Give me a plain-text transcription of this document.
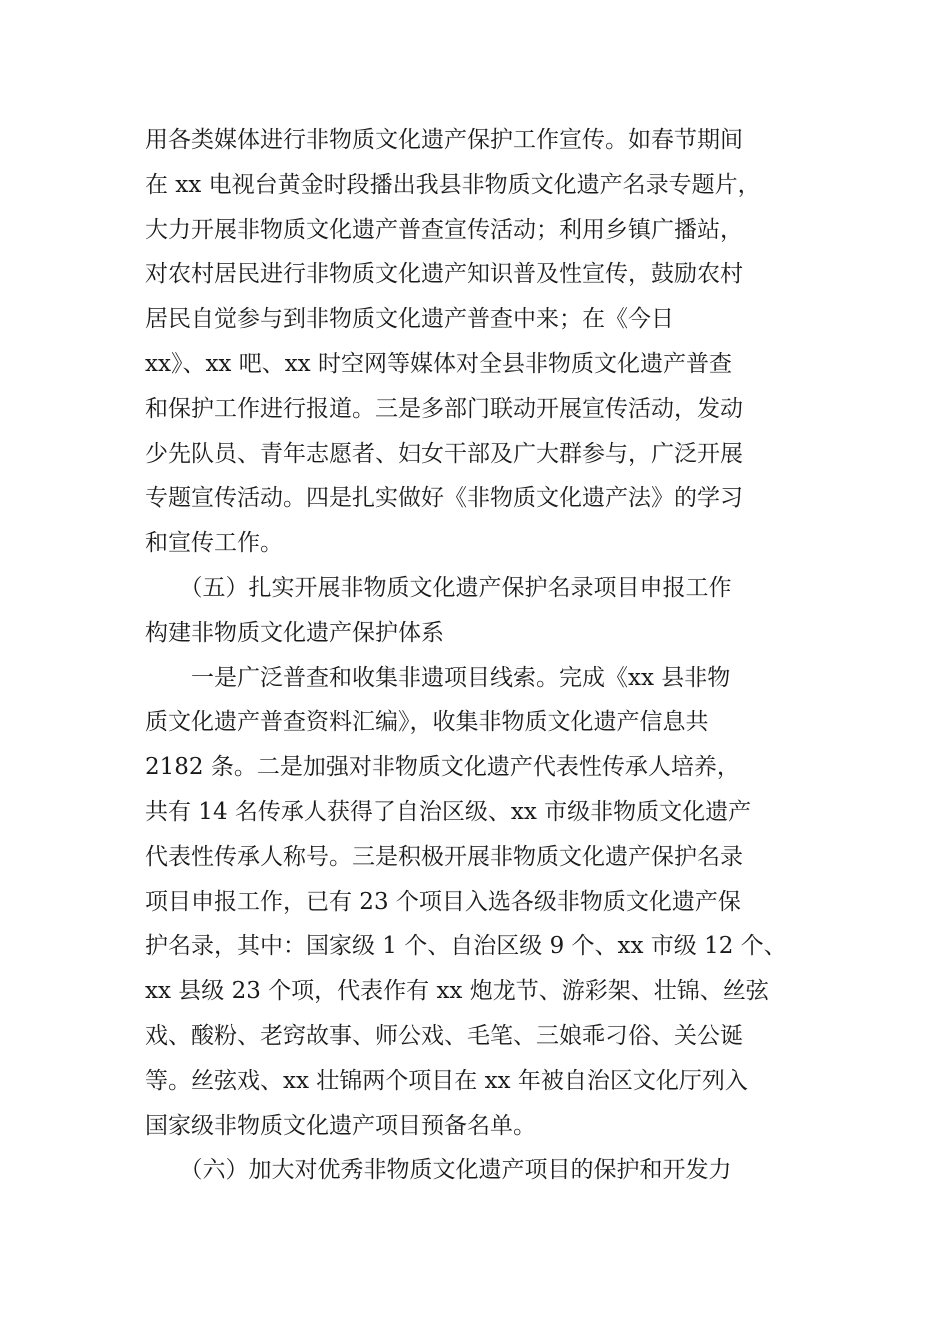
用各类媒体进行非物质文化遗产保护工作宣传。如春节期间
在 xx 电视台黄金时段播出我县非物质文化遗产名录专题片，
大力开展非物质文化遗产普查宣传活动；利用乡镇广播站，
对农村居民进行非物质文化遗产知识普及性宣传，鼓励农村
居民自觉参与到非物质文化遗产普查中来；在《今日
xx》、xx 吧、xx 时空网等媒体对全县非物质文化遗产普查
和保护工作进行报道。三是多部门联动开展宣传活动，发动
少先队员、青年志愿者、妇女干部及广大群参与，广泛开展
专题宣传活动。四是扎实做好《非物质文化遗产法》的学习
和宣传工作。
　　（五）扎实开展非物质文化遗产保护名录项目申报工作
构建非物质文化遗产保护体系
　　一是广泛普查和收集非遗项目线索。完成《xx 县非物
质文化遗产普查资料汇编》，收集非物质文化遗产信息共
2182 条。二是加强对非物质文化遗产代表性传承人培养，
共有 14 名传承人获得了自治区级、xx 市级非物质文化遗产
代表性传承人称号。三是积极开展非物质文化遗产保护名录
项目申报工作，已有 23 个项目入选各级非物质文化遗产保
护名录，其中：国家级 1 个、自治区级 9 个、xx 市级 12 个、
xx 县级 23 个项，代表作有 xx 炮龙节、游彩架、壮锦、丝弦
戏、酸粉、老窍故事、师公戏、毛笔、三娘乖刁俗、关公诞
等。丝弦戏、xx 壮锦两个项目在 xx 年被自治区文化厅列入
国家级非物质文化遗产项目预备名单。
　　（六）加大对优秀非物质文化遗产项目的保护和开发力
